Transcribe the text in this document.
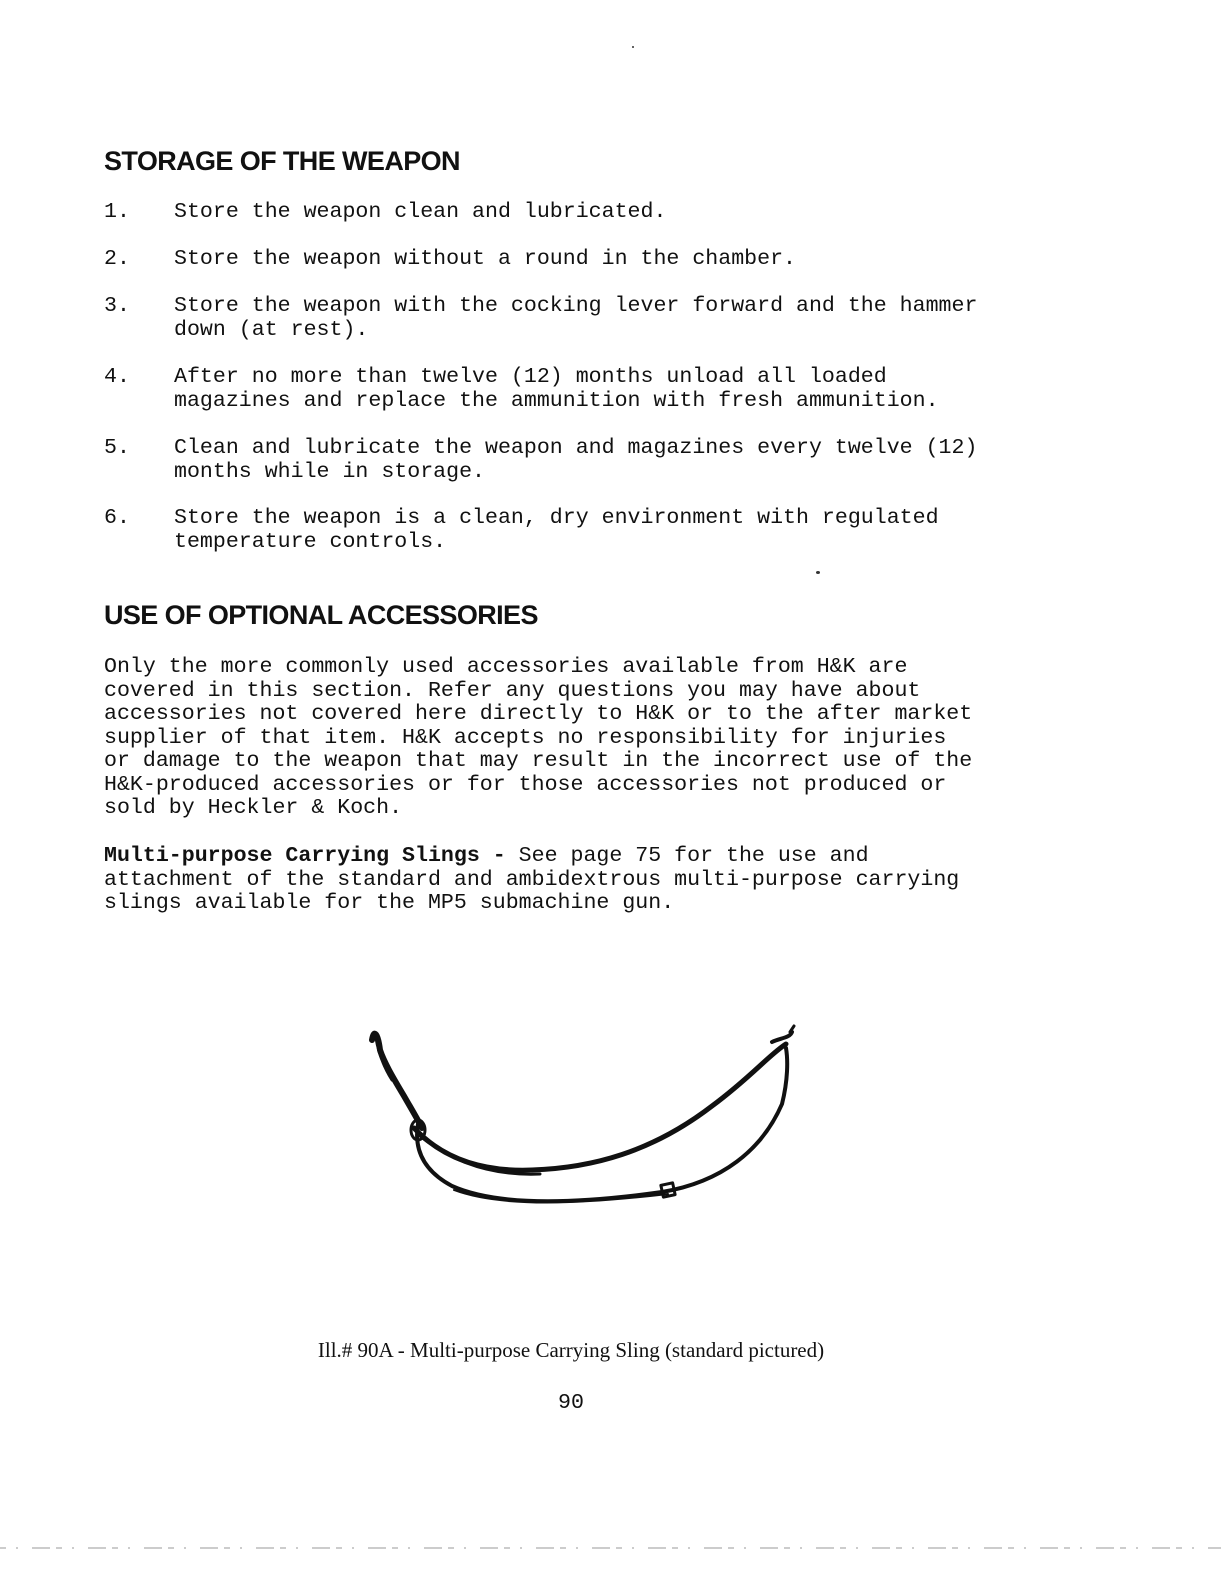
STORAGE OF THE WEAPON
1. Store the weapon clean and lubricated.
2. Store the weapon without a round in the chamber.
3. Store the weapon with the cocking lever forward and the hammer
down (at rest).
4. After no more than twelve (12) months unload all loaded
magazines and replace the ammunition with fresh ammunition.
5. Clean and lubricate the weapon and magazines every twelve (12)
months while in storage.
6. Store the weapon is a clean, dry environment with regulated
temperature controls.
USE OF OPTIONAL ACCESSORIES
Only the more commonly used accessories available from H&K are
covered in this section. Refer any questions you may have about
accessories not covered here directly to H&K or to the after market
supplier of that item. H&K accepts no responsibility for injuries
or damage to the weapon that may result in the incorrect use of the
H&K-produced accessories or for those accessories not produced or
sold by Heckler & Koch.
Multi-purpose Carrying Slings - See page 75 for the use and
attachment of the standard and ambidextrous multi-purpose carrying
slings available for the MP5 submachine gun.
Ill.# 90A - Multi-purpose Carrying Sling (standard pictured)
90
